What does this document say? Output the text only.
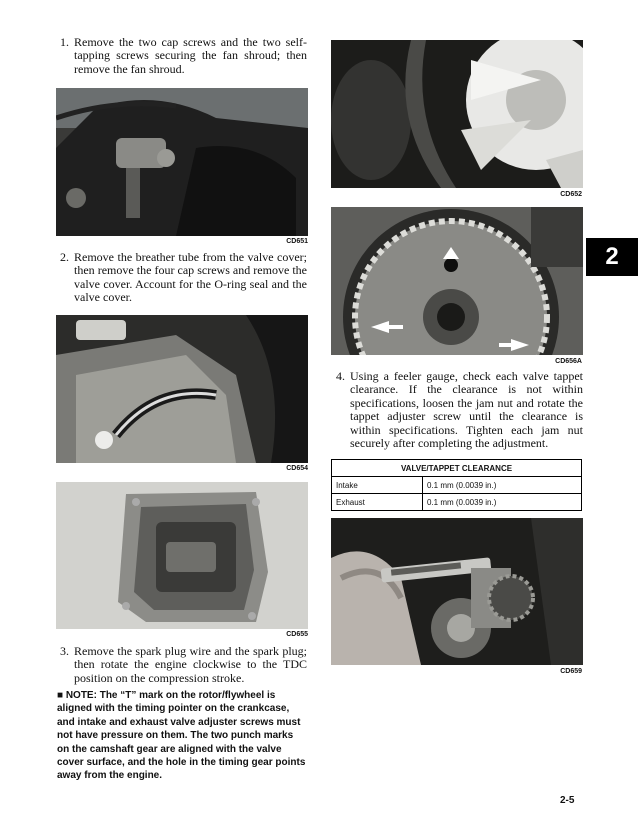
1. Remove the two cap screws and the two self-tapping screws securing the fan shroud; then remove the fan shroud.
CD651
2. Remove the breather tube from the valve cover; then remove the four cap screws and remove the valve cover. Account for the O-ring seal and the valve cover.
CD654
CD655
3. Remove the spark plug wire and the spark plug; then rotate the engine clockwise to the TDC position on the compression stroke.
■ NOTE: The “T” mark on the rotor/flywheel is aligned with the timing pointer on the crankcase, and intake and exhaust valve adjuster screws must not have pressure on them. The two punch marks on the camshaft gear are aligned with the valve cover surface, and the hole in the timing gear points away from the engine.
CD652
CD656A
2
4. Using a feeler gauge, check each valve tappet clearance. If the clearance is not within specifications, loosen the jam nut and rotate the tappet adjuster screw until the clearance is within specifications. Tighten each jam nut securely after completing the adjustment.
VALVE/TAPPET CLEARANCE	
Intake	0.1 mm (0.0039 in.)
Exhaust	0.1 mm (0.0039 in.)
CD659
2-5
